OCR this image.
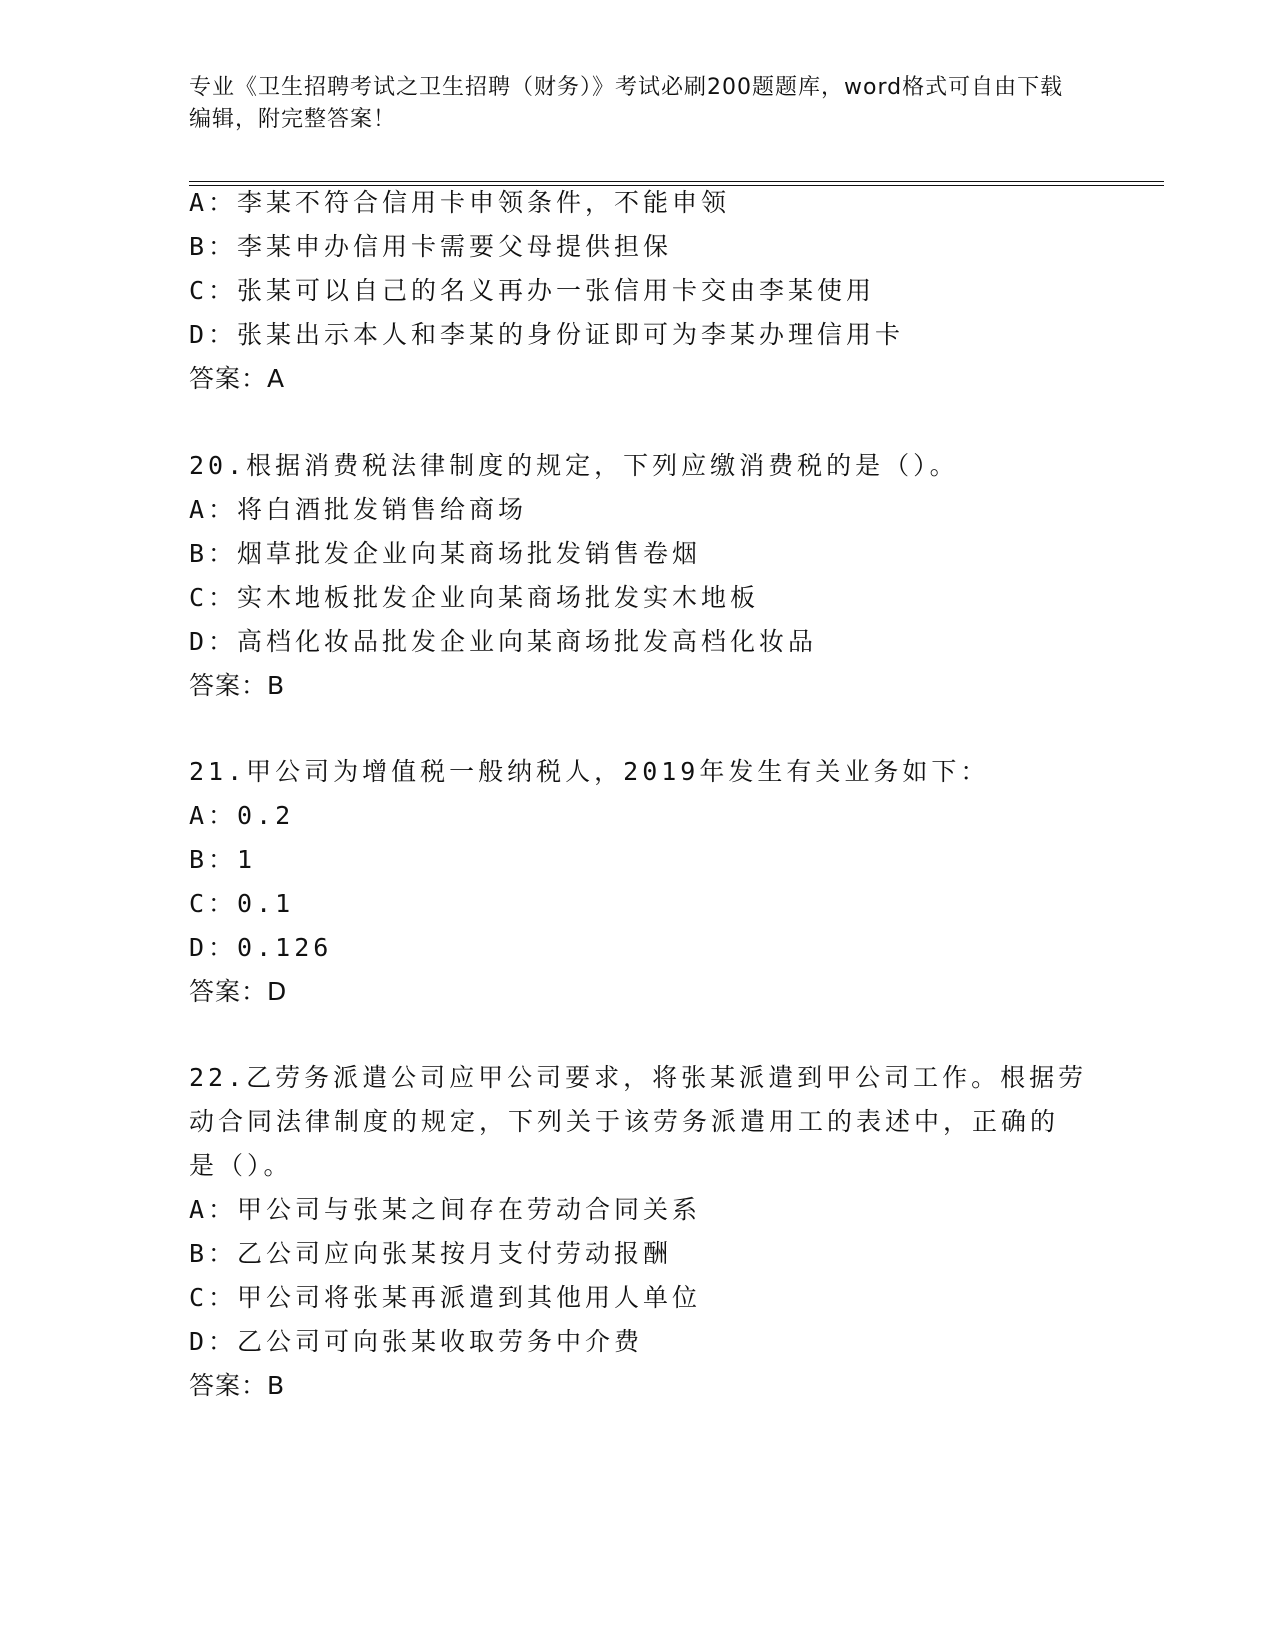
专业《卫生招聘考试之卫生招聘（财务）》考试必刷200题题库，word格式可自由下载编辑，附完整答案！
A：李某不符合信用卡申领条件，不能申领
B：李某申办信用卡需要父母提供担保
C：张某可以自己的名义再办一张信用卡交由李某使用
D：张某出示本人和李某的身份证即可为李某办理信用卡
答案：A
20.根据消费税法律制度的规定，下列应缴消费税的是（）。
A：将白酒批发销售给商场
B：烟草批发企业向某商场批发销售卷烟
C：实木地板批发企业向某商场批发实木地板
D：高档化妆品批发企业向某商场批发高档化妆品
答案：B
21.甲公司为增值税一般纳税人，2019年发生有关业务如下：
A：0.2
B：1
C：0.1
D：0.126
答案：D
22.乙劳务派遣公司应甲公司要求，将张某派遣到甲公司工作。根据劳
动合同法律制度的规定，下列关于该劳务派遣用工的表述中，正确的
是（）。
A：甲公司与张某之间存在劳动合同关系
B：乙公司应向张某按月支付劳动报酬
C：甲公司将张某再派遣到其他用人单位
D：乙公司可向张某收取劳务中介费
答案：B
